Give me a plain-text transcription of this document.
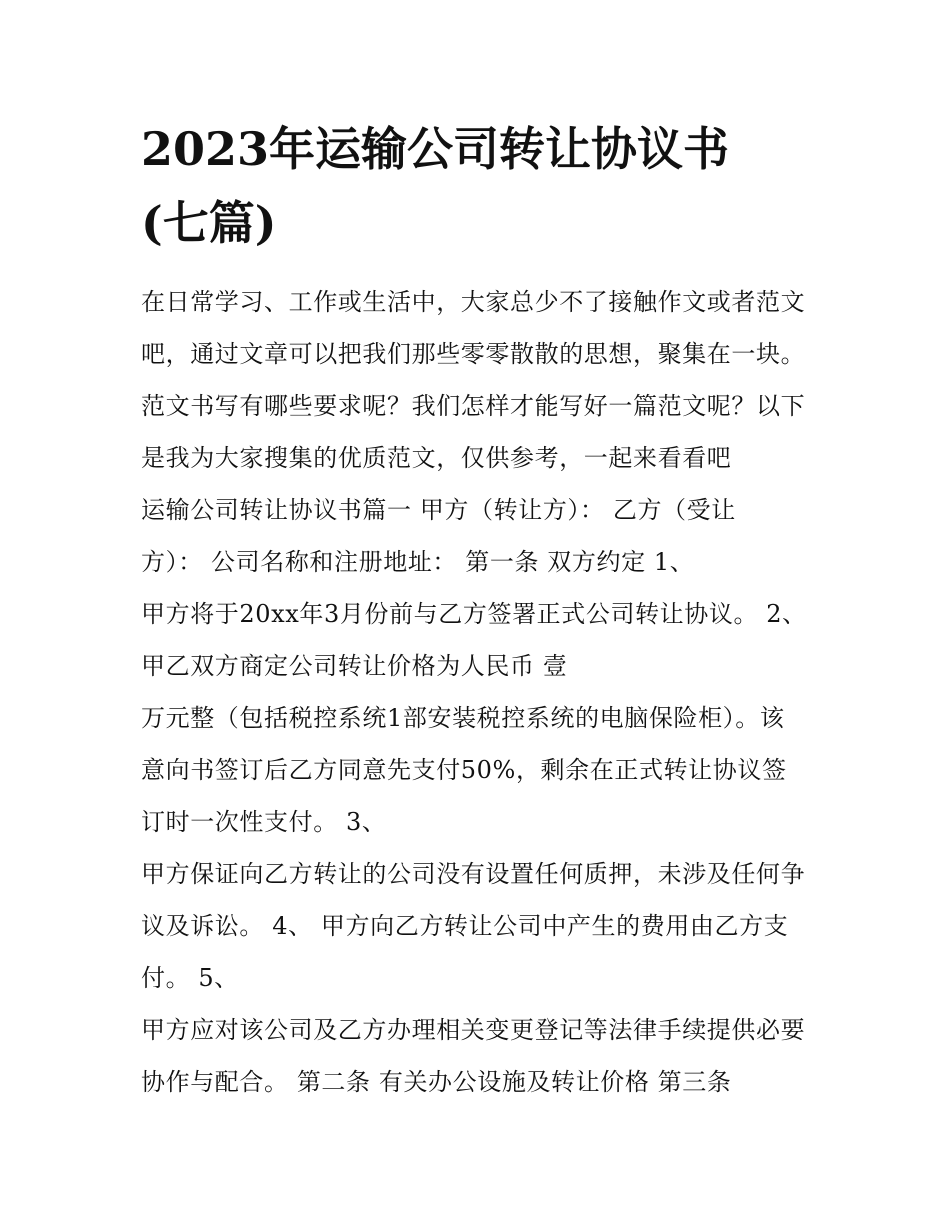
2023年运输公司转让协议书
(七篇)
在日常学习、工作或生活中，大家总少不了接触作文或者范文
吧，通过文章可以把我们那些零零散散的思想，聚集在一块。
范文书写有哪些要求呢？我们怎样才能写好一篇范文呢？以下
是我为大家搜集的优质范文，仅供参考，一起来看看吧
运输公司转让协议书篇一 甲方（转让方）： 乙方（受让
方）： 公司名称和注册地址： 第一条 双方约定 1、
甲方将于20xx年3月份前与乙方签署正式公司转让协议。 2、
甲乙双方商定公司转让价格为人民币 壹
万元整（包括税控系统1部安装税控系统的电脑保险柜）。该
意向书签订后乙方同意先支付50%，剩余在正式转让协议签
订时一次性支付。 3、
甲方保证向乙方转让的公司没有设置任何质押，未涉及任何争
议及诉讼。 4、 甲方向乙方转让公司中产生的费用由乙方支
付。 5、
甲方应对该公司及乙方办理相关变更登记等法律手续提供必要
协作与配合。 第二条 有关办公设施及转让价格 第三条
